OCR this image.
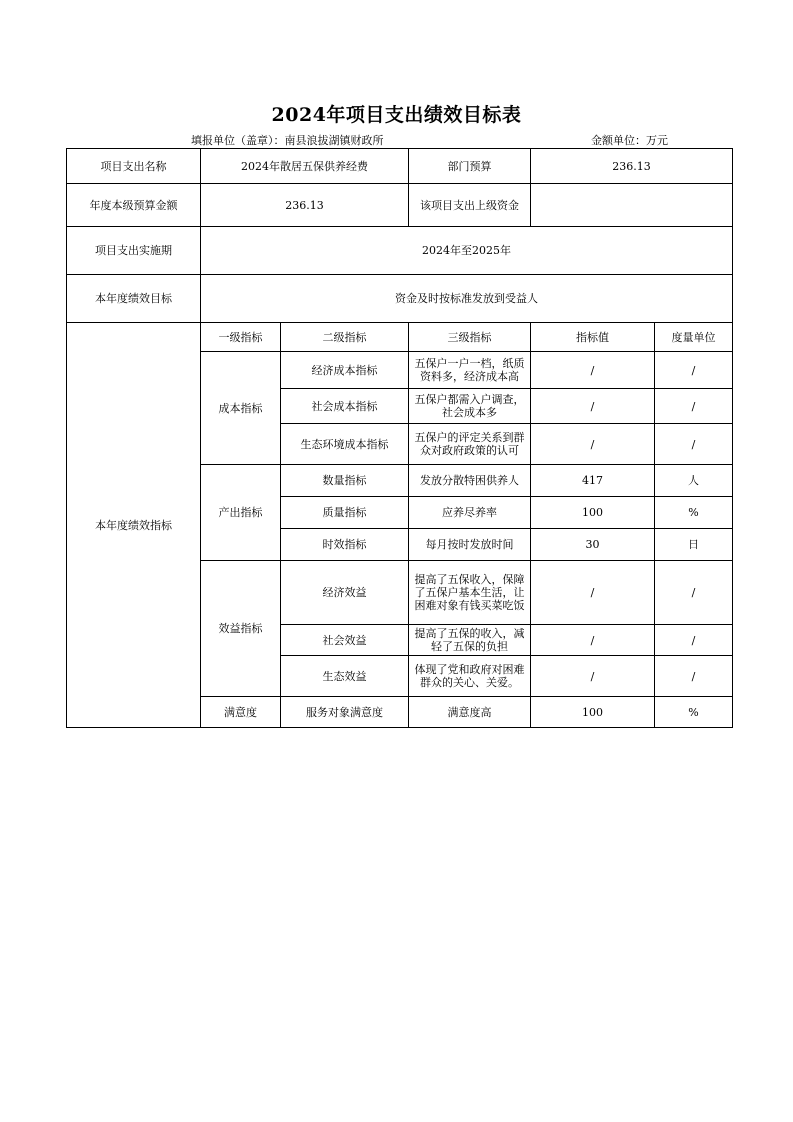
2024年项目支出绩效目标表
填报单位（盖章）：南县浪拔湖镇财政所	金额单位：万元
项目支出名称	2024年散居五保供养经费		部门预算	236.13	
年度本级预算金额	236.13		该项目支出上级资金		
项目支出实施期	2024年至2025年				
本年度绩效目标	资金及时按标准发放到受益人				
本年度绩效指标	一级指标	二级指标	三级指标	指标值	度量单位
	成本指标	经济成本指标	五保户一户一档，纸质资料多，经济成本高	/	/
		社会成本指标	五保户都需入户调查，社会成本多	/	/
		生态环境成本指标	五保户的评定关系到群众对政府政策的认可	/	/
	产出指标	数量指标	发放分散特困供养人	417	人
		质量指标	应养尽养率	100	%
		时效指标	每月按时发放时间	30	日
	效益指标	经济效益	提高了五保收入，保障了五保户基本生活，让困难对象有钱买菜吃饭	/	/
		社会效益	提高了五保的收入，减轻了五保的负担	/	/
		生态效益	体现了党和政府对困难群众的关心、关爱。	/	/
	满意度	服务对象满意度	满意度高	100	%
